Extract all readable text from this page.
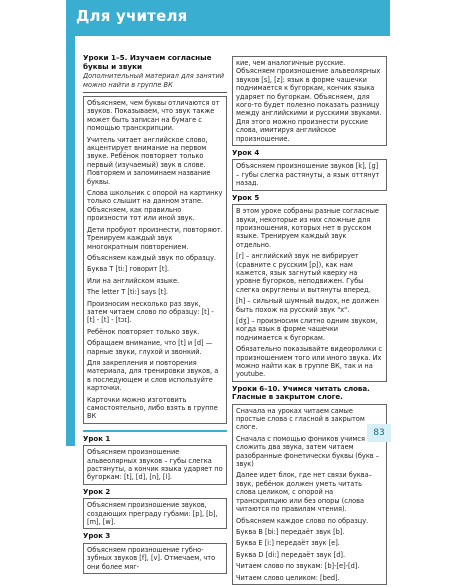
Для учителя
Уроки 1–5. Изучаем согласные буквы и звуки
Дополнительный материал для занятий можно найти в группе ВК

Объясняем, чем буквы отличаются от звуков. Показываем, что звук также может быть записан на бумаге с помощью транскрипции.

Учитель читает английское слово, акцентирует внимание на первом звуке. Ребёнок повторяет только первый (изучаемый) звук в слове. Повторяем и запоминаем название буквы.

Слова школьник с опорой на картинку только слышит на данном этапе. Объясняем, как правильно произности тот или иной звук.

Дети пробуют произнести, повторяют. Тренируем каждый звук многократным повторением.

Объясняем каждый звук по образцу.

Буква T [ti:] говорит [t].

Или на английском языке.

The letter T [ti:] says [t].

Произносим несколько раз звук, затем читаем слово по образцу: [t] - [t] - [t] - [tɔɪ].

Ребёнок повторяет только звук.

Обращаем внимание, что [t] и [d] — парные звуки, глухой и звонкий.

Для закрепления и повторения материала, для тренировки звуков, а в последующем и слов используйте карточки.

Карточки можно изготовить самостоятельно, либо взять в группе ВК

Урок 1

Объясняем произношение альвеолярных звуков – губы слегка растянуты, а кончик языка ударяет по бугоркам: [t], [d], [n], [l].

Урок 2

Объясняем произношение звуков, создающих преграду губами: [p], [b], [m], [w].

Урок 3

Объясняем произношение губно-зубных звуков [f], [v]. Отмечаем, что они более мяг-

кие, чем аналогичные русские. Объясняем произношение альвеолярных звуков [s], [z]: язык в форме чашечки поднимается к бугоркам, кончик языка ударяет по бугоркам. Объясняем, для кого-то будет полезно показать разницу между английскими и русскими звуками. Для этого можно произнести русские слова, имитируя английское произношение.

Урок 4

Объясняем произношение звуков [k], [g] – губы слегка растянуты, а язык оттянут назад.

Урок 5

В этом уроке собраны разные согласные звуки, некоторые из них сложные для произношения, которых нет в русском языке. Тренируем каждый звук отдельно.

[r] – английский звук не вибрирует (сравните с русским [р]), как нам кажется, язык загнутый кверху на уровне бугорков, неподвижен. Губы слегка округлены и вытянуты вперед.

[h] – сильный шумный выдох, не должен быть похож на русский звук "х".

[dʒ] – произносим слитно одним звуком, когда язык в форме чашечки поднимается к бугоркам.

Обязательно показывайте видеоролики с произношением того или иного звука. Их можно найти как в группе ВК, так и на youtube.

Уроки 6–10. Учимся читать слова. Гласные в закрытом слоге.

Сначала на уроках читаем самые простые слова с гласной в закрытом слоге.

Сначала с помощью фоников учимся сложить два звука, затем читаем разобранные фонетически буквы (букв – звук)

Далее идет блок, где нет связи буква–звук, ребёнок должен уметь читать слова целиком, с опорой на транскрипцию или без опоры (слова читаются по правилам чтения).

Объясняем каждое слово по образцу.

Буква B [bi:] передаёт звук [b].

Буква E [i:] передаёт звук [e].

Буква D [di:] передаёт звук [d].

Читаем слово по звукам: [b]-[e]-[d].

Читаем слово целиком: [bed].

83
